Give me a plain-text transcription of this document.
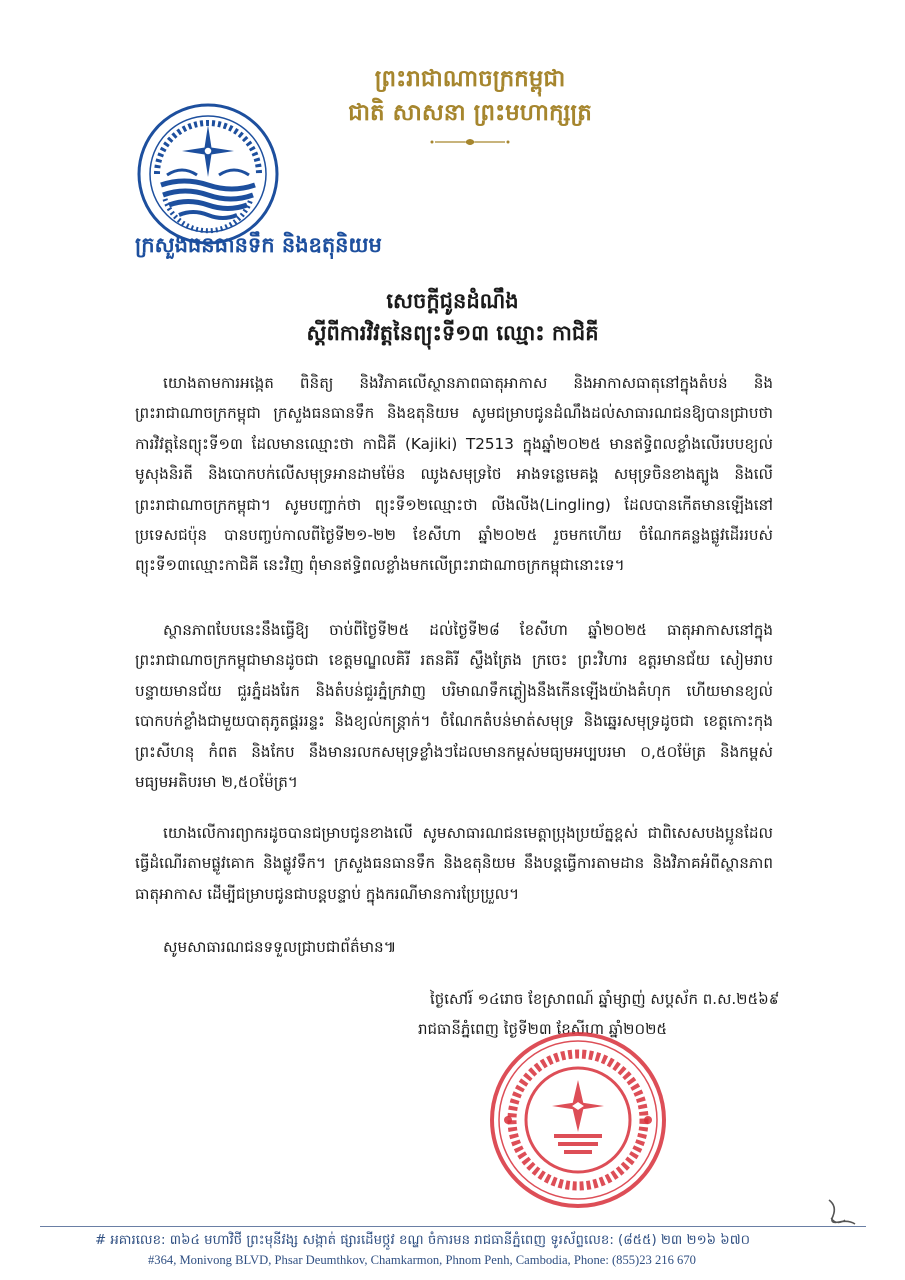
ព្រះរាជាណាចក្រកម្ពុជា
ជាតិ សាសនា ព្រះមហាក្សត្រ
ក្រសួងធនធានទឹក និងឧតុនិយម
សេចក្តីជូនដំណឹង
ស្តីពីការវិវត្តនៃព្យុះទី១៣ ឈ្មោះ កាជិគី
យោងតាមការអង្កេត ពិនិត្យ និងវិភាគលើស្ថានភាពធាតុអាកាស និងអាកាសធាតុនៅក្នុងតំបន់ និងព្រះរាជាណាចក្រកម្ពុជា ក្រសួងធនធានទឹក និងឧតុនិយម សូមជម្រាបជូនដំណឹងដល់សាធារណជនឱ្យបានជ្រាបថា ការវិវត្តនៃព្យុះទី១៣ ដែលមានឈ្មោះថា កាជិគី (Kajiki) T2513 ក្នុងឆ្នាំ២០២៥ មានឥទ្ធិពលខ្លាំងលើរបបខ្យល់មូសុងនិរតី និងបោកបក់លើសមុទ្រអានដាមម៉ែន ឈូងសមុទ្រថៃ អាងទន្លេមេគង្គ សមុទ្រចិនខាងត្បូង និងលើព្រះរាជាណាចក្រកម្ពុជា។ សូមបញ្ជាក់ថា ព្យុះទី១២ឈ្មោះថា លីងលីង(Lingling) ដែលបានកើតមានឡើងនៅប្រទេសជប៉ុន បានបញ្ចប់កាលពីថ្ងៃទី២១-២២ ខែសីហា ឆ្នាំ២០២៥ រួចមកហើយ ចំណែកគន្លងផ្លូវដើររបស់ព្យុះទី១៣ឈ្មោះកាជិគី នេះវិញ ពុំមានឥទ្ធិពលខ្លាំងមកលើព្រះរាជាណាចក្រកម្ពុជានោះទេ។
ស្ថានភាពបែបនេះនឹងធ្វើឱ្យ ចាប់ពីថ្ងៃទី២៥ ដល់ថ្ងៃទី២៨ ខែសីហា ឆ្នាំ២០២៥ ធាតុអាកាសនៅក្នុងព្រះរាជាណាចក្រកម្ពុជាមានដូចជា ខេត្តមណ្ឌលគិរី រតនគិរី ស្ទឹងត្រែង ក្រចេះ ព្រះវិហារ ឧត្តរមានជ័យ សៀមរាប បន្ទាយមានជ័យ ជួរភ្នំដងរែក និងតំបន់ជួរភ្នំក្រវាញ បរិមាណទឹកភ្លៀងនឹងកើនឡើងយ៉ាងគំហុក ហើយមានខ្យល់បោកបក់ខ្លាំងជាមួយបាតុភូតផ្គររន្ទះ និងខ្យល់កន្ត្រាក់។ ចំណែកតំបន់មាត់សមុទ្រ និងឆ្នេរសមុទ្រដូចជា ខេត្តកោះកុង ព្រះសីហនុ កំពត និងកែប នឹងមានរលកសមុទ្រខ្លាំងៗដែលមានកម្ពស់មធ្យមអប្បបរមា ០,៥០ម៉ែត្រ និងកម្ពស់មធ្យមអតិបរមា ២,៥០ម៉ែត្រ។
យោងលើការព្យាករដូចបានជម្រាបជូនខាងលើ សូមសាធារណជនមេត្តាប្រុងប្រយ័ត្នខ្ពស់ ជាពិសេសបងប្អូនដែលធ្វើដំណើរតាមផ្លូវគោក និងផ្លូវទឹក។ ក្រសួងធនធានទឹក និងឧតុនិយម នឹងបន្តធ្វើការតាមដាន និងវិភាគអំពីស្ថានភាពធាតុអាកាស ដើម្បីជម្រាបជូនជាបន្តបន្ទាប់ ក្នុងករណីមានការប្រែប្រួល។
សូមសាធារណជនទទួលជ្រាបជាព័ត៌មាន៕
ថ្ងៃសៅរ៍ ១៤រោច ខែស្រាពណ៍ ឆ្នាំម្សាញ់ សប្តស័ក ព.ស.២៥៦៩
រាជធានីភ្នំពេញ ថ្ងៃទី២៣ ខែសីហា ឆ្នាំ២០២៥
# អគារលេខ: ៣៦៤ មហាវិថី ព្រះមុនីវង្ស សង្កាត់ ផ្សារដើមថ្កូវ ខណ្ឌ ចំការមន រាជធានីភ្នំពេញ ទូរស័ព្ទលេខ: (៨៥៥) ២៣ ២១៦ ៦៧០
#364, Monivong BLVD, Phsar Deumthkov, Chamkarmon, Phnom Penh, Cambodia, Phone: (855)23 216 670
